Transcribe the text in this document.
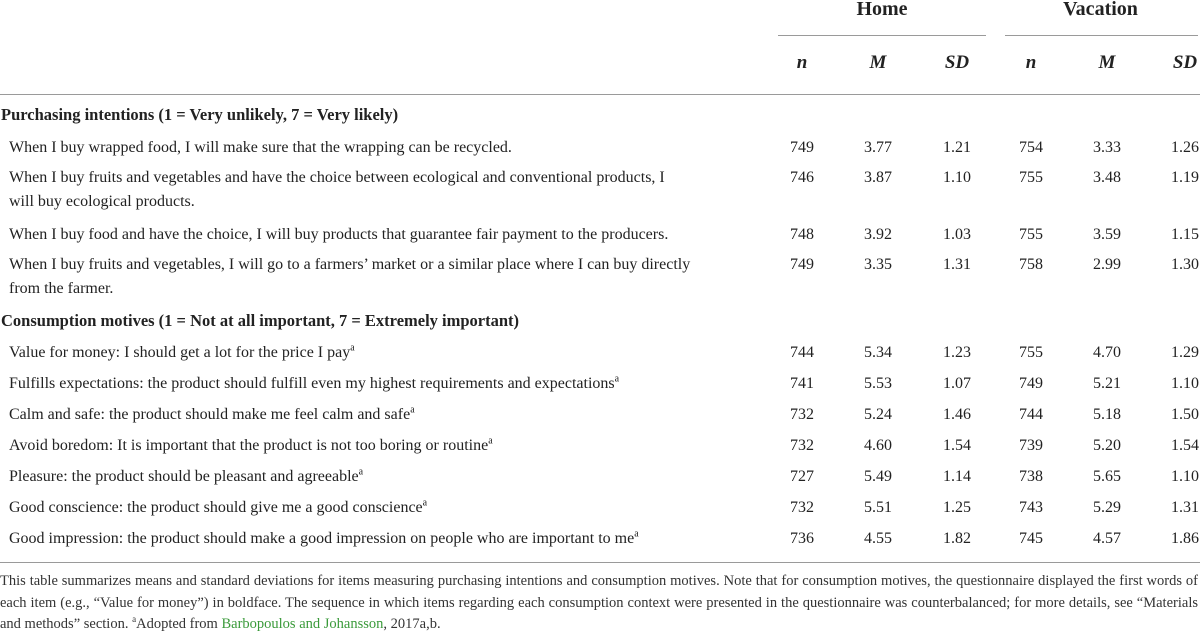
Home	Vacation
n	M	SD	n	M	SD
Purchasing intentions (1 = Very unlikely, 7 = Very likely)
When I buy wrapped food, I will make sure that the wrapping can be recycled.	749	3.77	1.21	754	3.33	1.26
When I buy fruits and vegetables and have the choice between ecological and conventional products, I
will buy ecological products.
746	3.87	1.10	755	3.48	1.19
When I buy food and have the choice, I will buy products that guarantee fair payment to the producers.	748	3.92	1.03	755	3.59	1.15
When I buy fruits and vegetables, I will go to a farmers’ market or a similar place where I can buy directly
from the farmer.
749	3.35	1.31	758	2.99	1.30
Consumption motives (1 = Not at all important, 7 = Extremely important)
Value for money: I should get a lot for the price I pay$^a$	744	5.34	1.23	755	4.70	1.29
Fulfills expectations: the product should fulfill even my highest requirements and expectations$^a$	741	5.53	1.07	749	5.21	1.10
Calm and safe: the product should make me feel calm and safe$^a$	732	5.24	1.46	744	5.18	1.50
Avoid boredom: It is important that the product is not too boring or routine$^a$	732	4.60	1.54	739	5.20	1.54
Pleasure: the product should be pleasant and agreeable$^a$	727	5.49	1.14	738	5.65	1.10
Good conscience: the product should give me a good conscience$^a$	732	5.51	1.25	743	5.29	1.31
Good impression: the product should make a good impression on people who are important to $me^a$	736	4.55	1.82	745	4.57	1.86
This table summarizes means and standard deviations for items measuring purchasing intentions and consumption motives. Note that for consumption motives, the questionnaire displayed the first words of each item (e.g., “Value for money”) in boldface. The sequence in which items regarding each consumption context were presented in the questionnaire was counterbalanced; for more details, see “Materials and methods” section. $^a$Adopted from Barbopoulos and Johansson, 2017a,b.
